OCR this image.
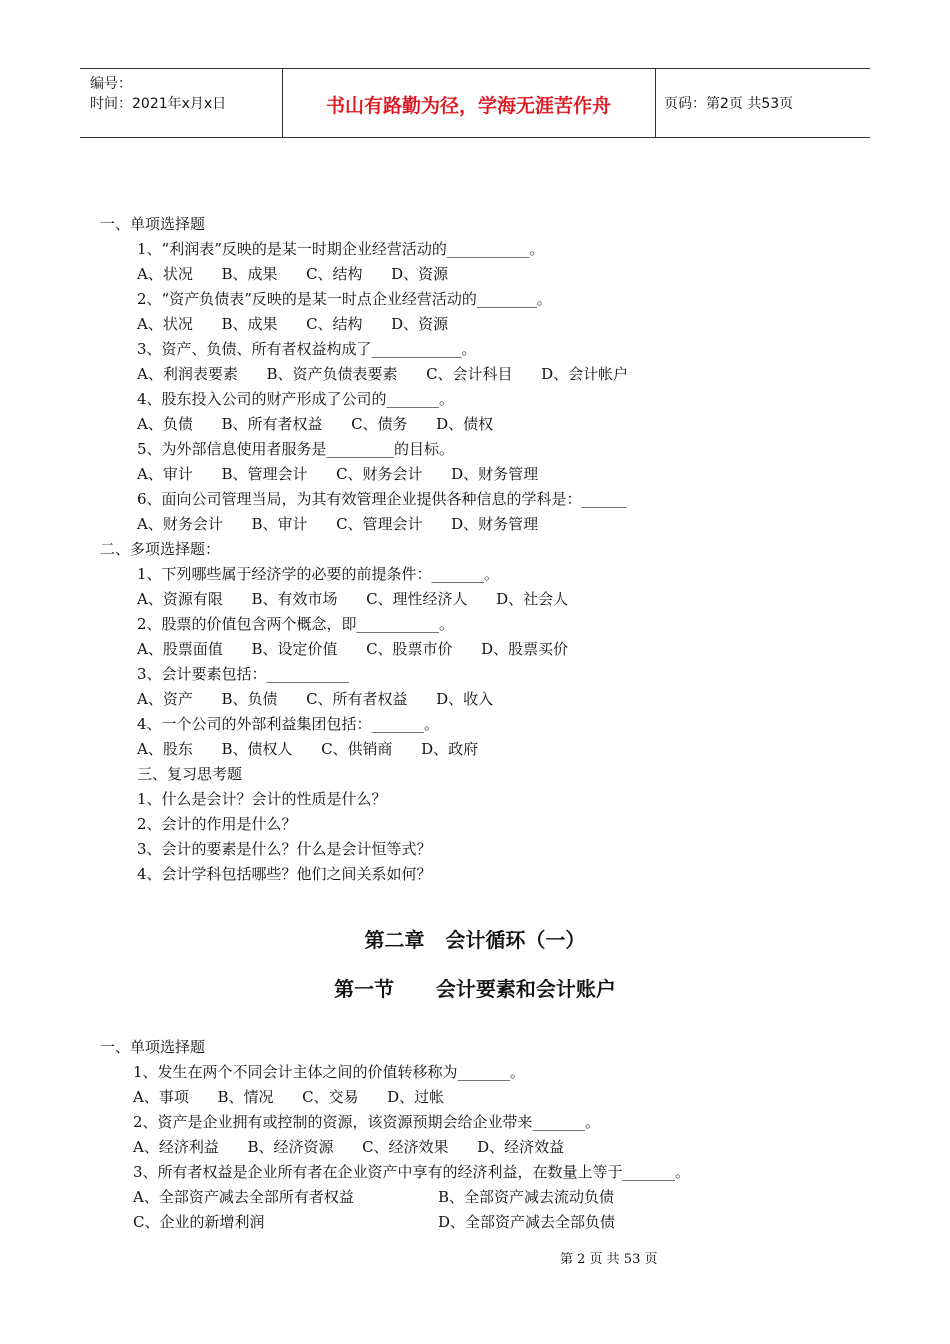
编号：
时间：2021年x月x日	书山有路勤为径，学海无涯苦作舟	页码：第2页 共53页
一、单项选择题
1、“利润表”反映的是某一时期企业经营活动的___________。
A、状况      B、成果      C、结构      D、资源
2、“资产负债表”反映的是某一时点企业经营活动的________。
A、状况      B、成果      C、结构      D、资源
3、资产、负债、所有者权益构成了____________。
A、利润表要素      B、资产负债表要素      C、会计科目      D、会计帐户
4、股东投入公司的财产形成了公司的_______。
A、负债      B、所有者权益      C、债务      D、债权
5、为外部信息使用者服务是_________的目标。
A、审计      B、管理会计      C、财务会计      D、财务管理
6、面向公司管理当局，为其有效管理企业提供各种信息的学科是：______
A、财务会计      B、审计      C、管理会计      D、财务管理
二、多项选择题：
1、下列哪些属于经济学的必要的前提条件：_______。
A、资源有限      B、有效市场      C、理性经济人      D、社会人
2、股票的价值包含两个概念，即___________。
A、股票面值      B、设定价值      C、股票市价      D、股票买价
3、会计要素包括：___________
A、资产      B、负债      C、所有者权益      D、收入
4、一个公司的外部利益集团包括：_______。
A、股东      B、债权人      C、供销商      D、政府
三、复习思考题
1、什么是会计？会计的性质是什么？
2、会计的作用是什么？
3、会计的要素是什么？什么是会计恒等式？
4、会计学科包括哪些？他们之间关系如何？
第二章   会计循环（一）
第一节      会计要素和会计账户
一、单项选择题
1、发生在两个不同会计主体之间的价值转移称为_______。
A、事项      B、情况      C、交易      D、过帐
2、资产是企业拥有或控制的资源，该资源预期会给企业带来_______。
A、经济利益      B、经济资源      C、经济效果      D、经济效益
3、所有者权益是企业所有者在企业资产中享有的经济利益，在数量上等于_______。
A、全部资产减去全部所有者权益	B、全部资产减去流动负债
C、企业的新增利润	D、全部资产减去全部负债
第 2 页 共 53 页
